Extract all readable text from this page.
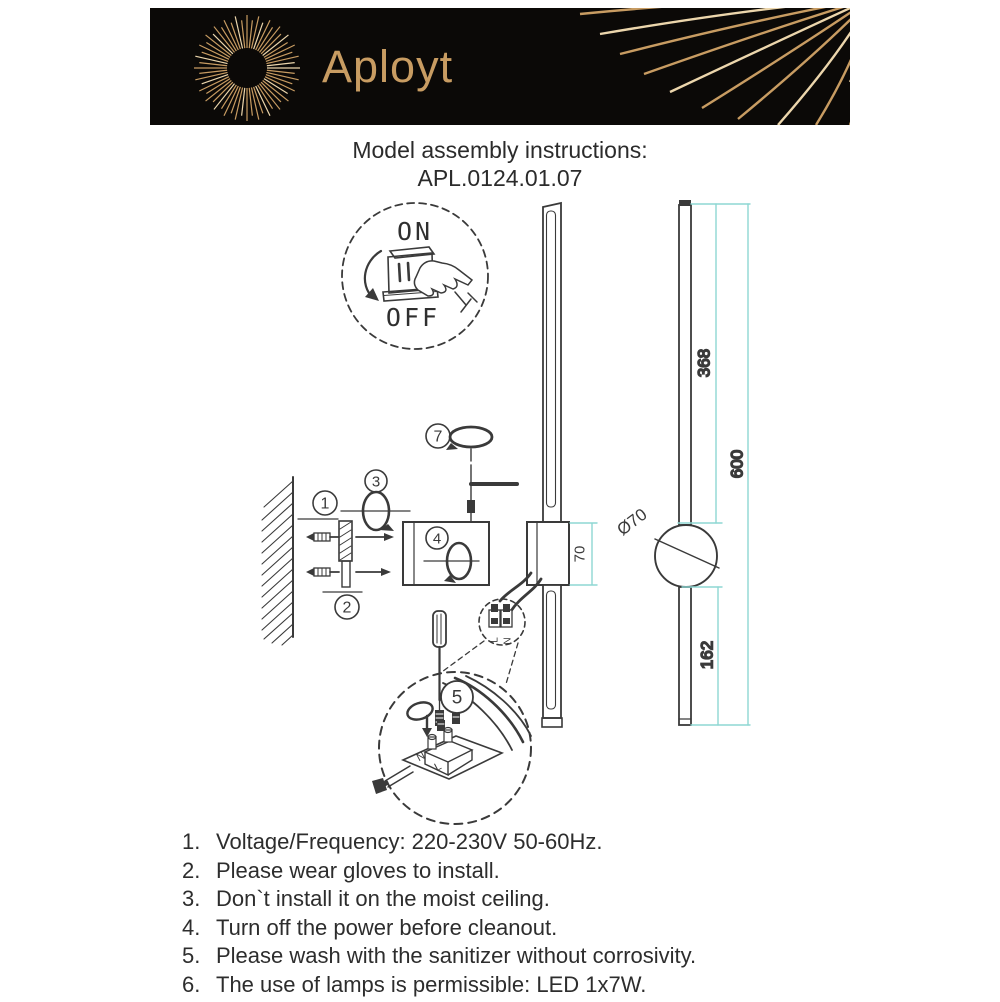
Aployt
Model assembly instructions:
APL.0124.01.07
ON
OFF
1
2
3
4
7
70
L N
5
N
L
368
600
162
Ø70
1. Voltage/Frequency: 220-230V 50-60Hz.
2. Please wear gloves to install.
3. Don`t install it on the moist ceiling.
4. Turn off the power before cleanout.
5. Please wash with the sanitizer without corrosivity.
6. The use of lamps is permissible: LED 1x7W.
